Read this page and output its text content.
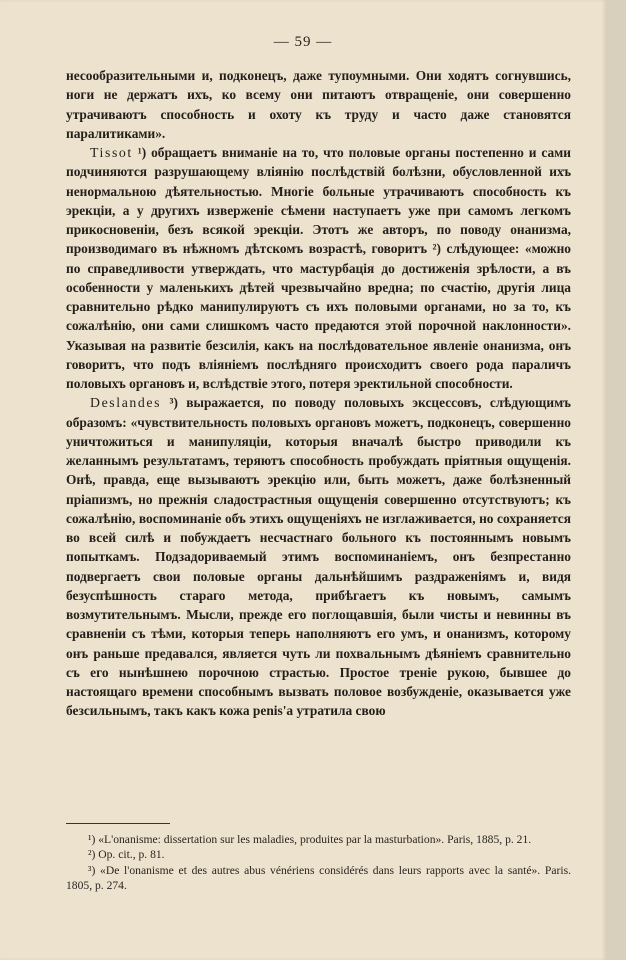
— 59 —

несообразительными и, подконецъ, даже тупоумными. Они ходятъ согнувшись, ноги не держатъ ихъ, ко всему они питаютъ отвращеніе, они совершенно утрачиваютъ способность и охоту къ труду и часто даже становятся паралитиками».

Tissot ¹) обращаетъ вниманіе на то, что половые органы постепенно и сами подчиняются разрушающему вліянію послѣдствій болѣзни, обусловленной ихъ ненормальною дѣятельностью. Многіе больные утрачиваютъ способность къ эрекціи, а у другихъ изверженіе сѣмени наступаетъ уже при самомъ легкомъ прикосновеніи, безъ всякой эрекціи. Этотъ же авторъ, по поводу онанизма, производимаго въ нѣжномъ дѣтскомъ возрастѣ, говоритъ ²) слѣдующее: «можно по справедливости утверждать, что мастурбація до достиженія зрѣлости, а въ особенности у маленькихъ дѣтей чрезвычайно вредна; по счастію, другія лица сравнительно рѣдко манипулируютъ съ ихъ половыми органами, но за то, къ сожалѣнію, они сами слишкомъ часто предаются этой порочной наклонности». Указывая на развитіе безсилія, какъ на послѣдовательное явленіе онанизма, онъ говоритъ, что подъ вліяніемъ послѣдняго происходитъ своего рода параличъ половыхъ органовъ и, вслѣдствіе этого, потеря эректильной способности.

Deslandes ³) выражается, по поводу половыхъ эксцессовъ, слѣдующимъ образомъ: «чувствительность половыхъ органовъ можетъ, подконецъ, совершенно уничтожиться и манипуляціи, которыя вначалѣ быстро приводили къ желаннымъ результатамъ, теряютъ способность пробуждать пріятныя ощущенія. Онѣ, правда, еще вызываютъ эрекцію или, быть можетъ, даже болѣзненный пріапизмъ, но прежнія сладострастныя ощущенія совершенно отсутствуютъ; къ сожалѣнію, воспоминаніе объ этихъ ощущеніяхъ не изглаживается, но сохраняется во всей силѣ и побуждаетъ несчастнаго больного къ постояннымъ новымъ попыткамъ. Подзадориваемый этимъ воспоминаніемъ, онъ безпрестанно подвергаетъ свои половые органы дальнѣйшимъ раздраженіямъ и, видя безуспѣшность стараго метода, прибѣгаетъ къ новымъ, самымъ возмутительнымъ. Мысли, прежде его поглощавшія, были чисты и невинны въ сравненіи съ тѣми, которыя теперь наполняютъ его умъ, и онанизмъ, которому онъ раньше предавался, является чуть ли похвальнымъ дѣяніемъ сравнительно съ его нынѣшнею порочною страстью. Простое треніе рукою, бывшее до настоящаго времени способнымъ вызвать половое возбужденіе, оказывается уже безсильнымъ, такъ какъ кожа penis'а утратила свою

¹) «L'onanisme: dissertation sur les maladies, produites par la masturbation». Paris, 1885, p. 21.

²) Op. cit., p. 81.

³) «De l'onanisme et des autres abus vénériens considérés dans leurs rapports avec la santé». Paris. 1805, p. 274.
